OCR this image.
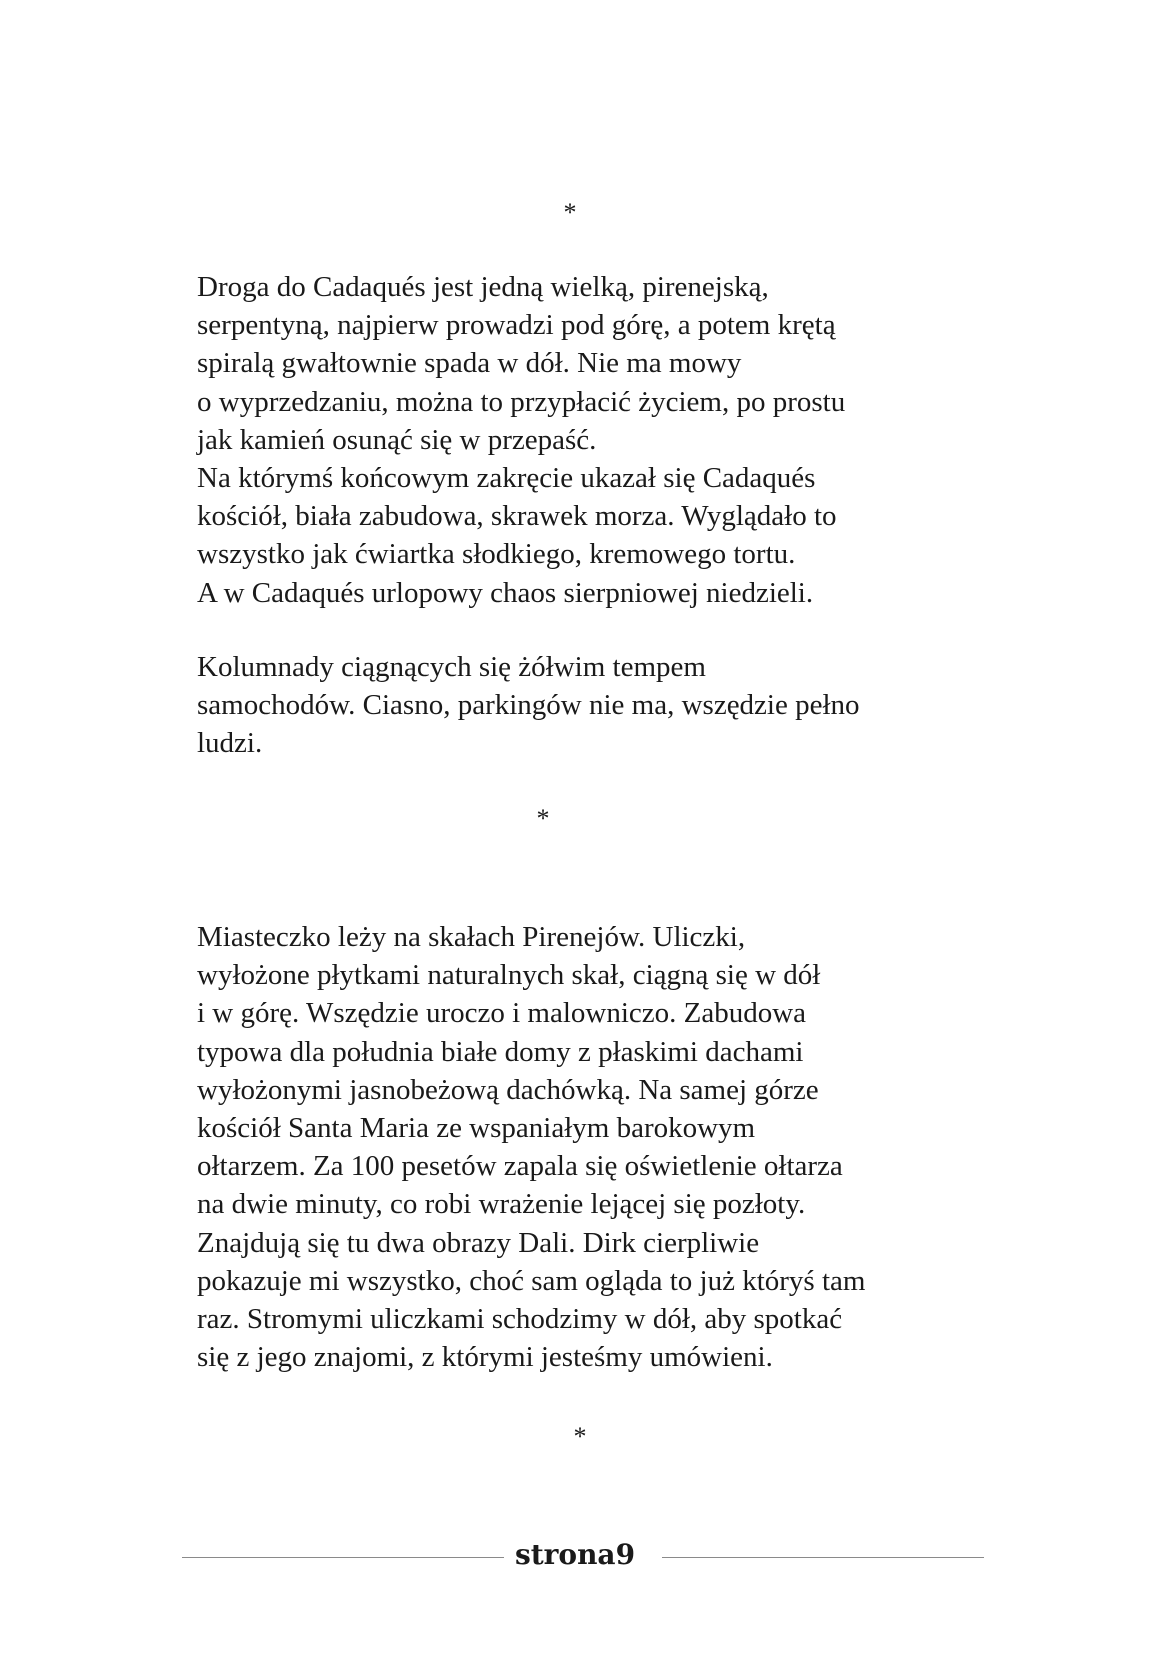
*
Droga do Cadaqués jest jedną wielką, pirenejską,
serpentyną, najpierw prowadzi pod górę, a potem krętą
spiralą gwałtownie spada w dół. Nie ma mowy
o wyprzedzaniu, można to przypłacić życiem, po prostu
jak kamień osunąć się w przepaść.
Na którymś końcowym zakręcie ukazał się Cadaqués
kościół, biała zabudowa, skrawek morza. Wyglądało to
wszystko jak ćwiartka słodkiego, kremowego tortu.
A w Cadaqués urlopowy chaos sierpniowej niedzieli.
Kolumnady ciągnących się żółwim tempem
samochodów. Ciasno, parkingów nie ma, wszędzie pełno
ludzi.
*
Miasteczko leży na skałach Pirenejów. Uliczki,
wyłożone płytkami naturalnych skał, ciągną się w dół
i w górę. Wszędzie uroczo i malowniczo. Zabudowa
typowa dla południa białe domy z płaskimi dachami
wyłożonymi jasnobeżową dachówką. Na samej górze
kościół Santa Maria ze wspaniałym barokowym
ołtarzem. Za 100 pesetów zapala się oświetlenie ołtarza
na dwie minuty, co robi wrażenie lejącej się pozłoty.
Znajdują się tu dwa obrazy Dali. Dirk cierpliwie
pokazuje mi wszystko, choć sam ogląda to już któryś tam
raz. Stromymi uliczkami schodzimy w dół, aby spotkać
się z jego znajomi, z którymi jesteśmy umówieni.
*
strona9
